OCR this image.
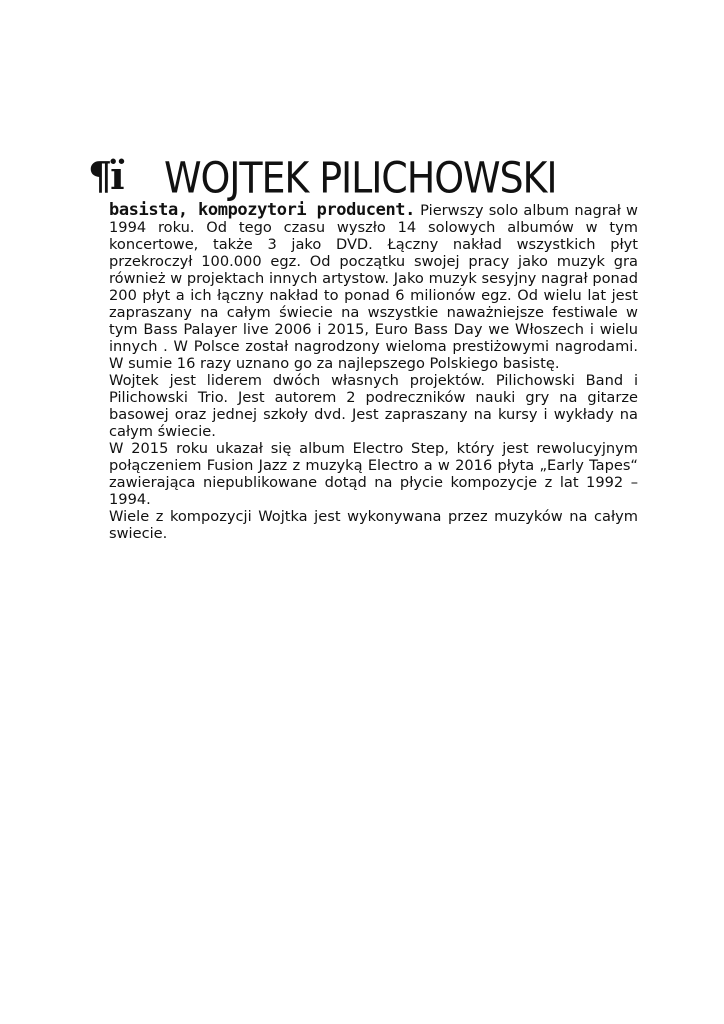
¶ï WOJTEK PILICHOWSKI

basista, kompozytori producent. Pierwszy solo album nagrał w 1994 roku. Od tego czasu wyszło 14 solowych albumów w tym koncertowe, także 3 jako DVD. Łączny nakład wszystkich płyt przekroczył 100.000 egz. Od początku swojej pracy jako muzyk gra również w projektach innych artystow. Jako muzyk sesyjny nagrał ponad 200 płyt a ich łączny nakład to ponad 6 milionów egz. Od wielu lat jest zapraszany na całym świecie na wszystkie naważniejsze festiwale w tym Bass Palayer live 2006 i 2015, Euro Bass Day we Włoszech i wielu innych . W Polsce został nagrodzony wieloma prestiżowymi nagrodami. W sumie 16 razy uznano go za najlepszego Polskiego basistę.

Wojtek jest liderem dwóch własnych projektów. Pilichowski Band i Pilichowski Trio. Jest autorem 2 podreczników nauki gry na gitarze basowej oraz jednej szkoły dvd. Jest zapraszany na kursy i wykłady na całym świecie.

W 2015 roku ukazał się album Electro Step, który jest rewolucyjnym połączeniem Fusion Jazz z muzyką Electro a w 2016 płyta „Early Tapes“ zawierająca niepublikowane dotąd na płycie kompozycje z lat 1992 – 1994.

Wiele z kompozycji Wojtka jest wykonywana przez muzyków na całym swiecie.
